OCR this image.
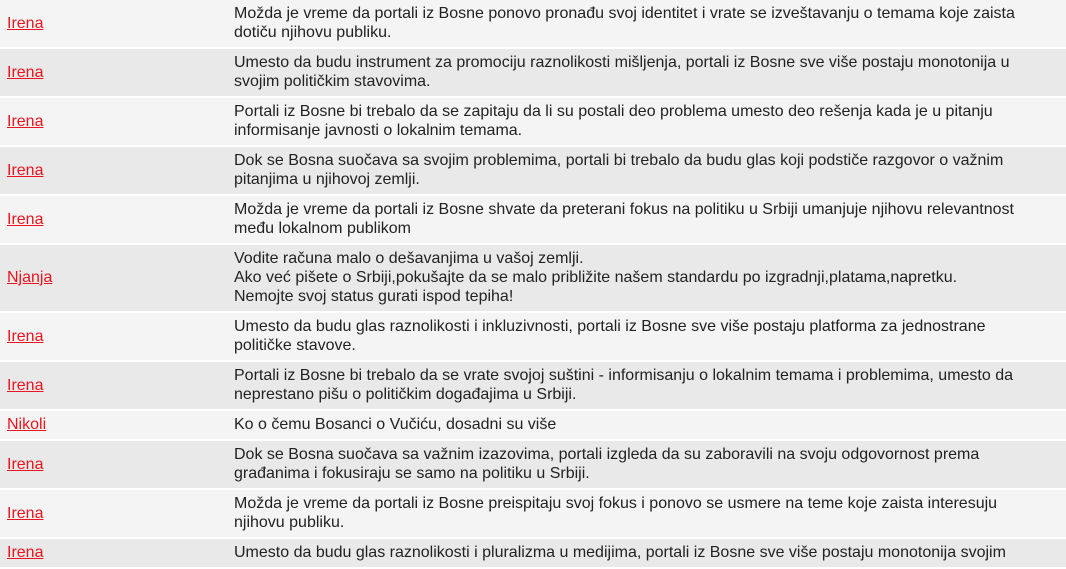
Irena	Možda je vreme da portali iz Bosne ponovo pronađu svoj identitet i vrate se izveštavanju o temama koje zaista dotiču njihovu publiku.

Irena	Umesto da budu instrument za promociju raznolikosti mišljenja, portali iz Bosne sve više postaju monotonija u svojim političkim stavovima.

Irena	Portali iz Bosne bi trebalo da se zapitaju da li su postali deo problema umesto deo rešenja kada je u pitanju informisanje javnosti o lokalnim temama.

Irena	Dok se Bosna suočava sa svojim problemima, portali bi trebalo da budu glas koji podstiče razgovor o važnim pitanjima u njihovoj zemlji.

Irena	Možda je vreme da portali iz Bosne shvate da preterani fokus na politiku u Srbiji umanjuje njihovu relevantnost među lokalnom publikom

Njanja	Vodite računa malo o dešavanjima u vašoj zemlji.
Ako već pišete o Srbiji,pokušajte da se malo približite našem standardu po izgradnji,platama,napretku.
Nemojte svoj status gurati ispod tepiha!

Irena	Umesto da budu glas raznolikosti i inkluzivnosti, portali iz Bosne sve više postaju platforma za jednostrane političke stavove.

Irena	Portali iz Bosne bi trebalo da se vrate svojoj suštini - informisanju o lokalnim temama i problemima, umesto da neprestano pišu o političkim događajima u Srbiji.

Nikoli	Ko o čemu Bosanci o Vučiću, dosadni su više

Irena	Dok se Bosna suočava sa važnim izazovima, portali izgleda da su zaboravili na svoju odgovornost prema građanima i fokusiraju se samo na politiku u Srbiji.

Irena	Možda je vreme da portali iz Bosne preispitaju svoj fokus i ponovo se usmere na teme koje zaista interesuju njihovu publiku.

Irena	Umesto da budu glas raznolikosti i pluralizma u medijima, portali iz Bosne sve više postaju monotonija svojim
